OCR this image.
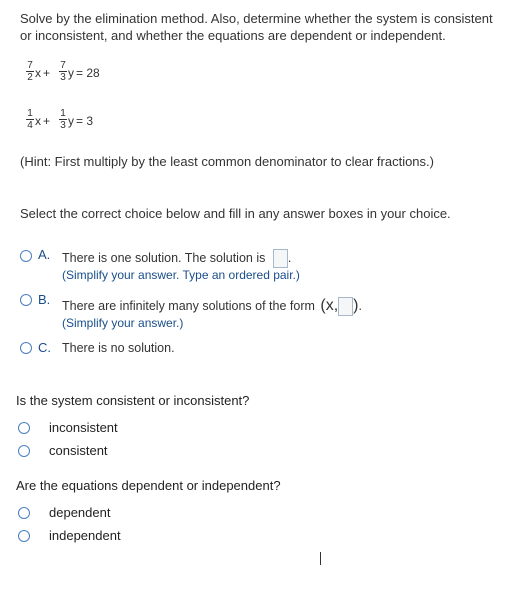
Solve by the elimination method. Also, determine whether the system is consistent
or inconsistent, and whether the equations are dependent or independent.
$\frac{7}{2}$ $x + \frac{7}{3}$ y = 28
$\frac{1}{4}$ $x + \frac{1}{3}$ y = 3
(Hint: First multiply by the least common denominator to clear fractions.)
Select the correct choice below and fill in any answer boxes in your choice.
A. There is one solution. The solution is .
(Simplify your answer. Type an ordered pair.)
B. There are infinitely many solutions of the form (x, ).
(Simplify your answer.)
C. There is no solution.
Is the system consistent or inconsistent?
inconsistent
consistent
Are the equations dependent or independent?
dependent
independent
